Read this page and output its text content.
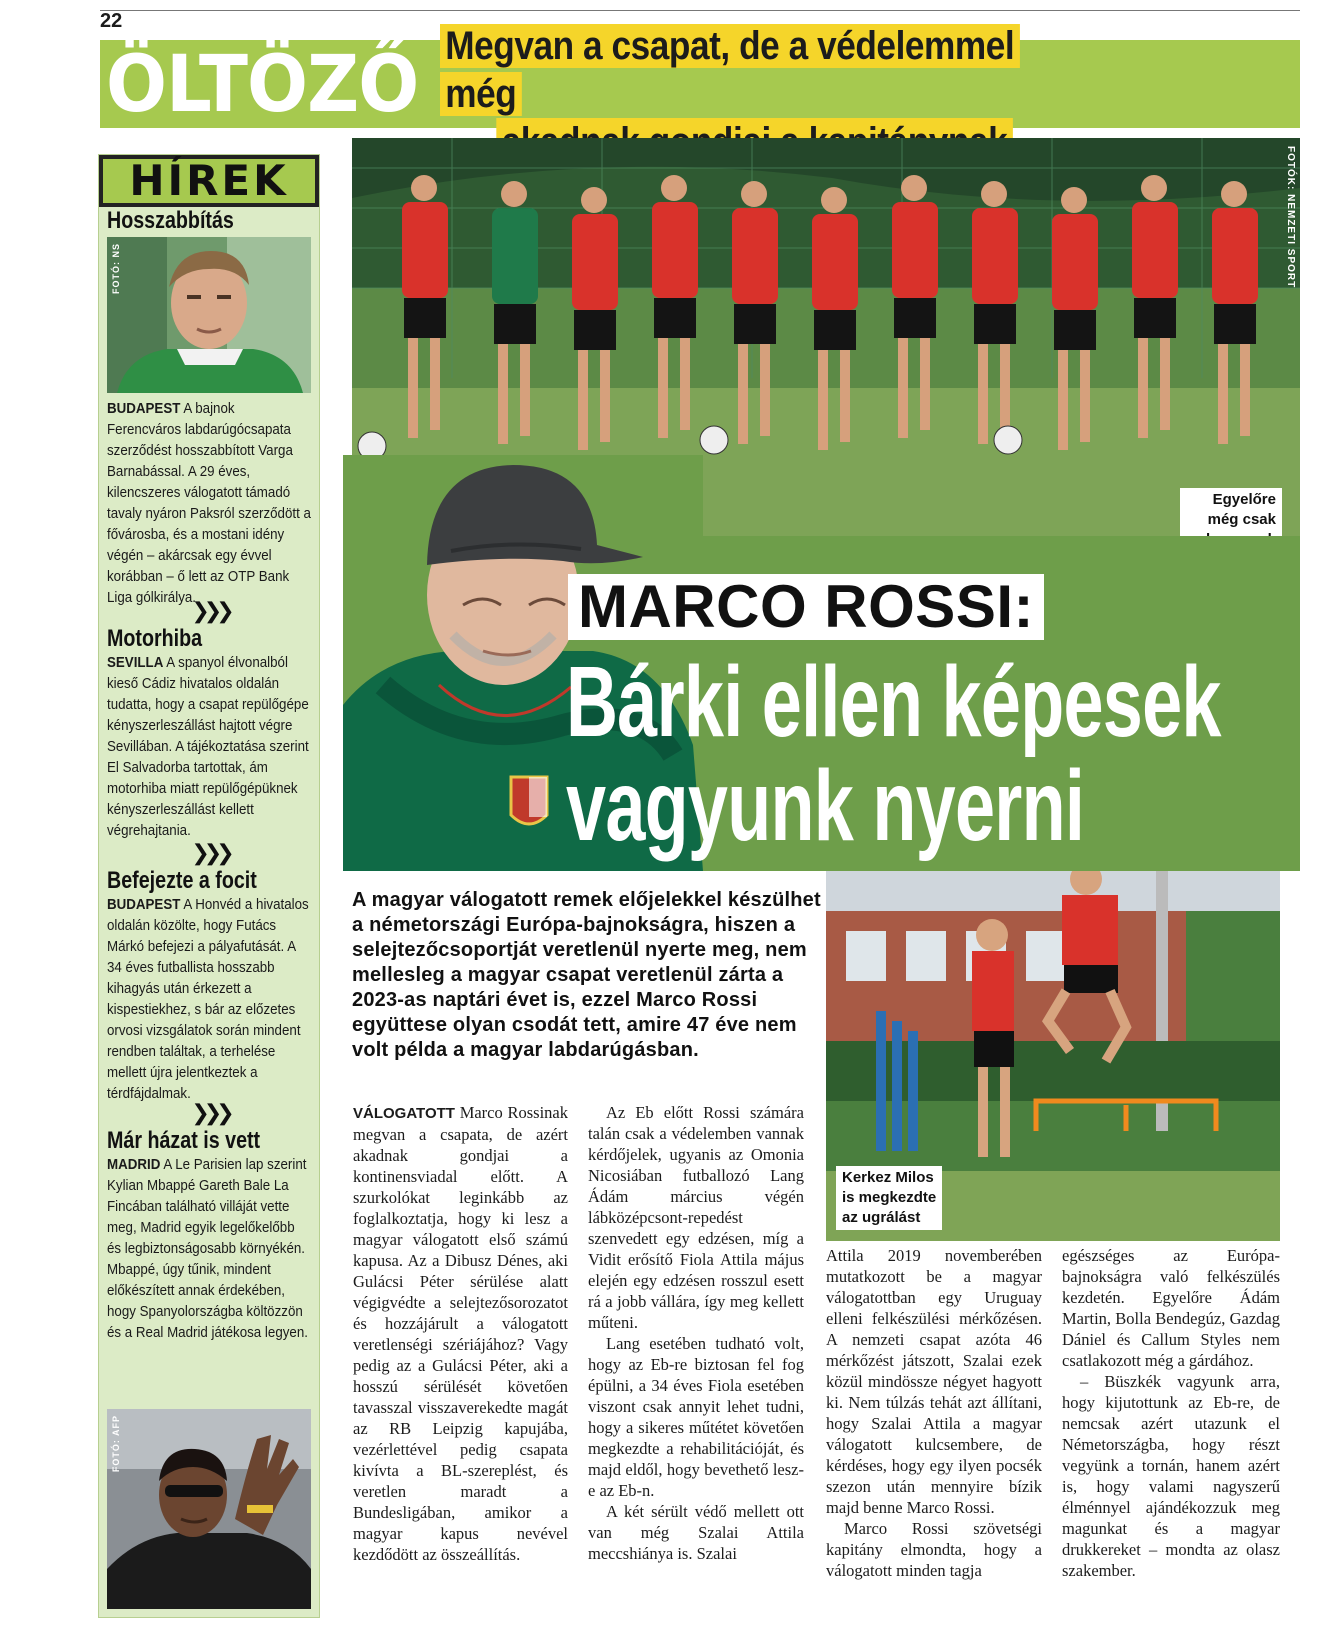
22
ÖLTÖZŐ Megvan a csapat, de a védelemmel még

HÍREK
Hosszabbítás
FOTÓ: NS
BUDAPEST A bajnok Ferencváros labdarúgócsapata szerződést hosszabbított Varga Barnabással. A 29 éves, kilencszeres válogatott támadó tavaly nyáron Paksról szerződött a fővárosba, és a mostani idény végén – akárcsak egy évvel korábban – ő lett az OTP Bank Liga gólkirálya.
❯❯❯
Motorhiba
SEVILLA A spanyol élvonalból kieső Cádiz hivatalos oldalán tudatta, hogy a csapat repülőgépe kényszerleszállást hajtott végre Sevillában. A tájékoztatása szerint El Salvadorba tartottak, ám motorhiba miatt repülőgépüknek kényszerleszállást kellett végrehajtania.
❯❯❯
Befejezte a focit
BUDAPEST A Honvéd a hivatalos oldalán közölte, hogy Futács Márkó befejezi a pályafutását. A 34 éves futballista hosszabb kihagyás után érkezett a kispestiekhez, s bár az előzetes orvosi vizsgálatok során mindent rendben találtak, a terhelése mellett újra jelentkeztek a térdfájdalmak.
❯❯❯
Már házat is vett
MADRID A Le Parisien lap szerint Kylian Mbappé Gareth Bale La Fincában található villáját vette meg, Madrid egyik legelőkelőbb és legbiztonságosabb környékén. Mbappé, úgy tűnik, mindent előkészített annak érdekében, hogy Spanyolországba költözzön és a Real Madrid játékosa legyen.
FOTÓ: AFP
FOTÓK: NEMZETI SPORT
Egyelőre
még csak
MARCO ROSSI:
Bárki ellen képesek
vagyunk nyerni
A magyar válogatott remek előjelekkel készülhet a németországi Európa-bajnokságra, hiszen a selejtezőcsoportját veretlenül nyerte meg, nem mellesleg a magyar csapat veretlenül zárta a 2023-as naptári évet is, ezzel Marco Rossi együttese olyan csodát tett, amire 47 éve nem volt példa a magyar labdarúgásban.
Kerkez Milos
is megkezdte
az ugrálást

VÁLOGATOTT Marco Rossinak megvan a csapata, de azért akadnak gondjai a kontinensviadal előtt. A szurkolókat leginkább az foglalkoztatja, hogy ki lesz a magyar válogatott első számú kapusa. Az a Dibusz Dénes, aki Gulácsi Péter sérülése alatt végigvédte a selejtezősorozatot és hozzájárult a válogatott veretlenségi szériájához? Vagy pedig az a Gulácsi Péter, aki a hosszú sérülését követően tavasszal visszaverekedte magát az RB Leipzig kapujába, vezérlettével pedig csapata kivívta a BL-szereplést, és veretlen maradt a Bundesligában, amikor a magyar kapus nevével kezdődött az összeállítás.

Az Eb előtt Rossi számára talán csak a védelemben vannak kérdőjelek, ugyanis az Omonia Nicosiában futballozó Lang Ádám március végén lábközépcsont-repedést szenvedett egy edzésen, míg a Vidit erősítő Fiola Attila május elején egy edzésen rosszul esett rá a jobb vállára, így meg kellett műteni.

Lang esetében tudható volt, hogy az Eb-re biztosan fel fog épülni, a 34 éves Fiola esetében viszont csak annyit lehet tudni, hogy a sikeres műtétet követően megkezdte a rehabilitációját, és majd eldől, hogy bevethető lesz-e az Eb-n.

A két sérült védő mellett ott van még Szalai Attila meccshiánya is. Szalai

Attila 2019 novemberében mutatkozott be a magyar válogatottban egy Uruguay elleni felkészülési mérkőzésen. A nemzeti csapat azóta 46 mérkőzést játszott, Szalai ezek közül mindössze négyet hagyott ki. Nem túlzás tehát azt állítani, hogy Szalai Attila a magyar válogatott kulcsembere, de kérdéses, hogy egy ilyen pocsék szezon után mennyire bízik majd benne Marco Rossi.

Marco Rossi szövetségi kapitány elmondta, hogy a válogatott minden tagja

egészséges az Európa-bajnokságra való felkészülés kezdetén. Egyelőre Ádám Martin, Bolla Bendegúz, Gazdag Dániel és Callum Styles nem csatlakozott még a gárdához.

– Büszkék vagyunk arra, hogy kijutottunk az Eb-re, de nemcsak azért utazunk el Németországba, hogy részt vegyünk a tornán, hanem azért is, hogy valami nagyszerű élménnyel ajándékozzuk meg magunkat és a magyar drukkereket – mondta az olasz szakember.
